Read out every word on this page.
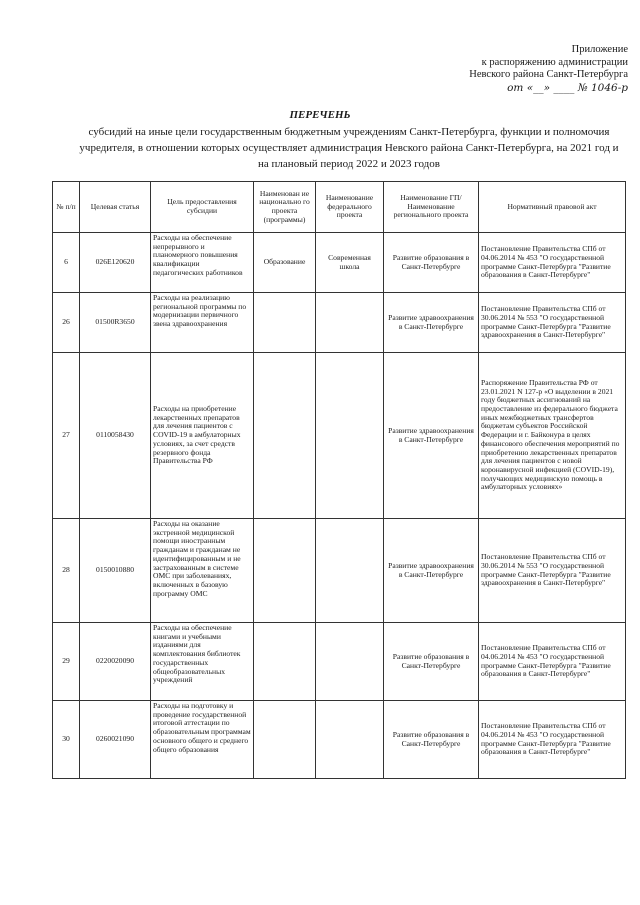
Приложение
к распоряжению администрации
Невского района Санкт-Петербурга
от «__» ____ № 1046-р
ПЕРЕЧЕНЬ
субсидий на иные цели государственным бюджетным учреждениям Санкт-Петербурга, функции и полномочия учредителя, в отношении которых осуществляет администрация Невского района Санкт-Петербурга, на 2021 год и на плановый период 2022 и 2023 годов
№ п/п	Целевая статья	Цель предоставления субсидии	Наименован ие национально го проекта (программы)	Наименование федерального проекта	Наименование ГП/Наименование регионального проекта	Нормативный правовой акт
6	026E120620	Расходы на обеспечение непрерывного и планомерного повышения квалификации педагогических работников	Образование	Современная школа	Развитие образования в Санкт-Петербурге	Постановление Правительства СПб от 04.06.2014 № 453 "О государственной программе Санкт-Петербурга "Развитие образования в Санкт-Петербурге"
26	01500R3650	Расходы на реализацию региональной программы по модернизации первичного звена здравоохранения			Развитие здравоохранения в Санкт-Петербурге	Постановление Правительства СПб от 30.06.2014 № 553 "О государственной программе Санкт-Петербурга "Развитие здравоохранения в Санкт-Петербурге"
27	0110058430	Расходы на приобретение лекарственных препаратов для лечения пациентов с COVID-19 в амбулаторных условиях, за счет средств резервного фонда Правительства РФ			Развитие здравоохранения в Санкт-Петербурге	Распоряжение Правительства РФ от 23.01.2021 N 127-р «О выделении в 2021 году бюджетных ассигнований на предоставление из федерального бюджета иных межбюджетных трансфертов бюджетам субъектов Российской Федерации и г. Байконура в целях финансового обеспечения мероприятий по приобретению лекарственных препаратов для лечения пациентов с новой коронавирусной инфекцией (COVID-19), получающих медицинскую помощь в амбулаторных условиях»
28	0150010880	Расходы на оказание экстренной медицинской помощи иностранным гражданам и гражданам не идентифицированным и не застрахованным в системе ОМС при заболеваниях, включенных в базовую программу ОМС			Развитие здравоохранения в Санкт-Петербурге	Постановление Правительства СПб от 30.06.2014 № 553 "О государственной программе Санкт-Петербурга "Развитие здравоохранения в Санкт-Петербурге"
29	0220020090	Расходы на обеспечение книгами и учебными изданиями для комплектования библиотек государственных общеобразовательных учреждений			Развитие образования в Санкт-Петербурге	Постановление Правительства СПб от 04.06.2014 № 453 "О государственной программе Санкт-Петербурга "Развитие образования в Санкт-Петербурге"
30	0260021090	Расходы на подготовку и проведение государственной итоговой аттестации по образовательным программам основного общего и среднего общего образования			Развитие образования в Санкт-Петербурге	Постановление Правительства СПб от 04.06.2014 № 453 "О государственной программе Санкт-Петербурга "Развитие образования в Санкт-Петербурге"
